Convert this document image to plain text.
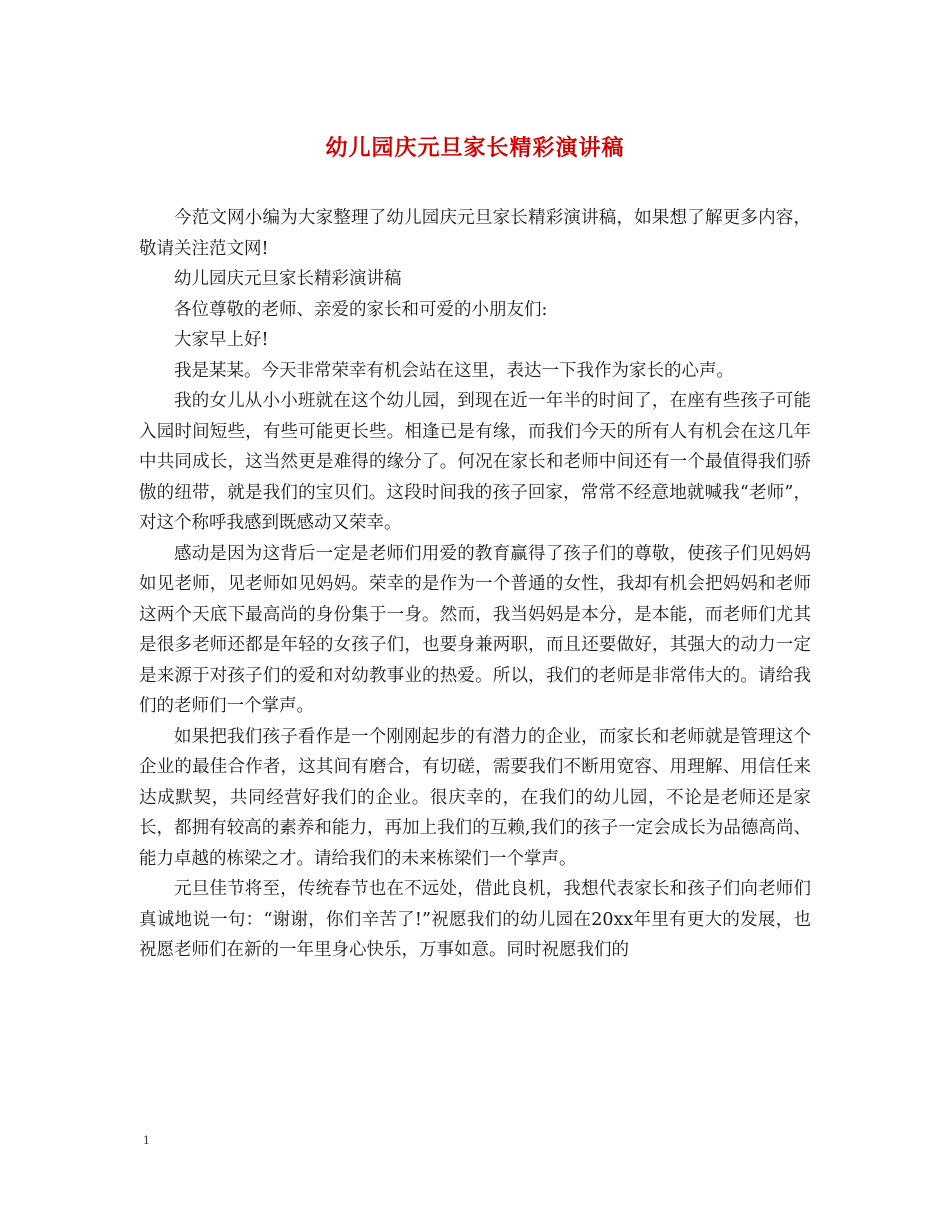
幼儿园庆元旦家长精彩演讲稿

今范文网小编为大家整理了幼儿园庆元旦家长精彩演讲稿，如果想了解更多内容，敬请关注范文网!

幼儿园庆元旦家长精彩演讲稿

各位尊敬的老师、亲爱的家长和可爱的小朋友们:

大家早上好!

我是某某。今天非常荣幸有机会站在这里，表达一下我作为家长的心声。

我的女儿从小小班就在这个幼儿园，到现在近一年半的时间了，在座有些孩子可能入园时间短些，有些可能更长些。相逢已是有缘，而我们今天的所有人有机会在这几年中共同成长，这当然更是难得的缘分了。何况在家长和老师中间还有一个最值得我们骄傲的纽带，就是我们的宝贝们。这段时间我的孩子回家，常常不经意地就喊我“老师”，对这个称呼我感到既感动又荣幸。

感动是因为这背后一定是老师们用爱的教育赢得了孩子们的尊敬，使孩子们见妈妈如见老师，见老师如见妈妈。荣幸的是作为一个普通的女性，我却有机会把妈妈和老师这两个天底下最高尚的身份集于一身。然而，我当妈妈是本分，是本能，而老师们尤其是很多老师还都是年轻的女孩子们，也要身兼两职，而且还要做好，其强大的动力一定是来源于对孩子们的爱和对幼教事业的热爱。所以，我们的老师是非常伟大的。请给我们的老师们一个掌声。

如果把我们孩子看作是一个刚刚起步的有潜力的企业，而家长和老师就是管理这个企业的最佳合作者，这其间有磨合，有切磋，需要我们不断用宽容、用理解、用信任来达成默契，共同经营好我们的企业。很庆幸的，在我们的幼儿园，不论是老师还是家长，都拥有较高的素养和能力，再加上我们的互赖,我们的孩子一定会成长为品德高尚、能力卓越的栋梁之才。请给我们的未来栋梁们一个掌声。

元旦佳节将至，传统春节也在不远处，借此良机，我想代表家长和孩子们向老师们真诚地说一句：“谢谢，你们辛苦了!”祝愿我们的幼儿园在20xx年里有更大的发展，也祝愿老师们在新的一年里身心快乐，万事如意。同时祝愿我们的

1
